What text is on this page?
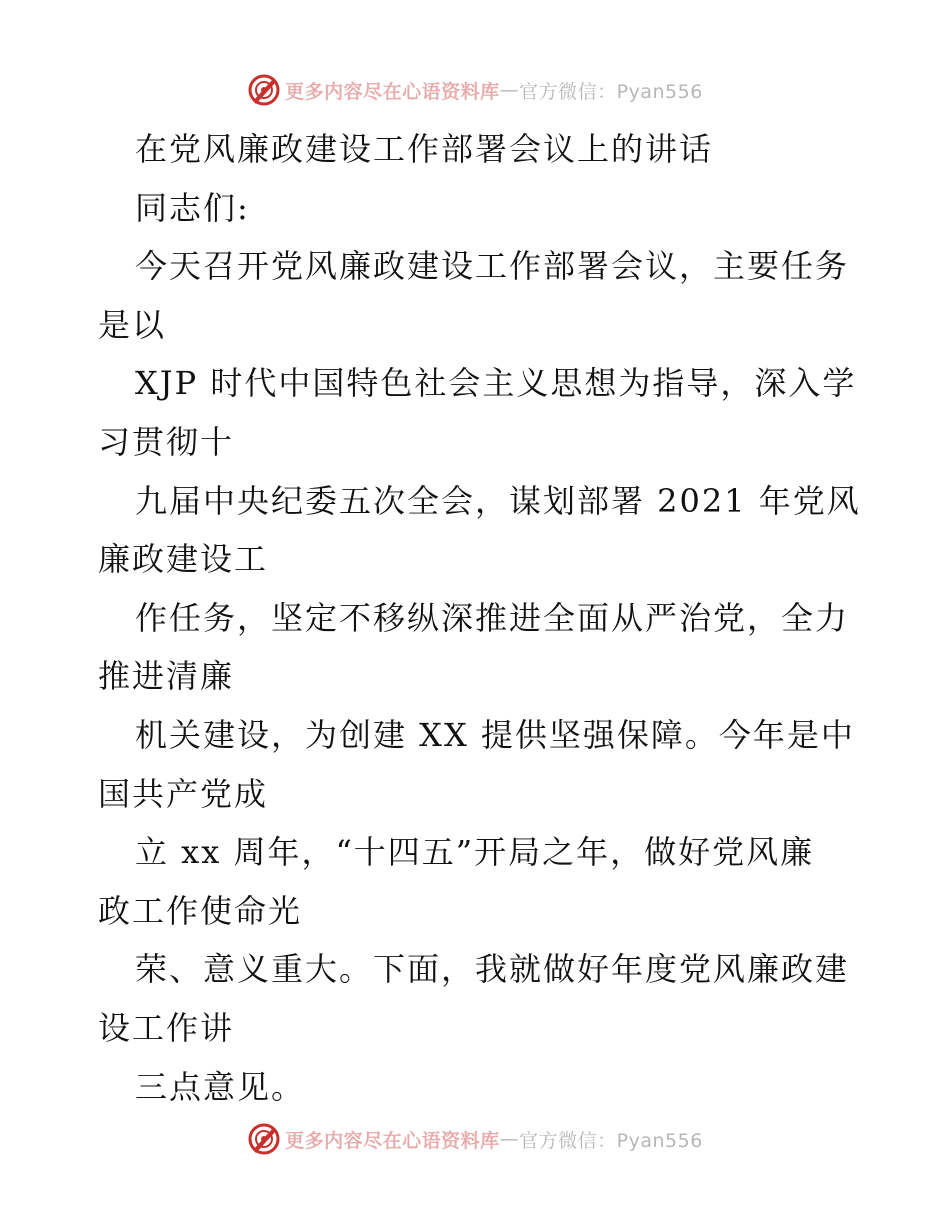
更多内容尽在心语资料库 — 官方微信：Pyan556
在党风廉政建设工作部署会议上的讲话
同志们:
今天召开党风廉政建设工作部署会议，主要任务
是以
XJP 时代中国特色社会主义思想为指导，深入学
习贯彻十
九届中央纪委五次全会，谋划部署 2021 年党风
廉政建设工
作任务，坚定不移纵深推进全面从严治党，全力
推进清廉
机关建设，为创建 XX 提供坚强保障。今年是中
国共产党成
立 xx 周年，“十四五”开局之年，做好党风廉
政工作使命光
荣、意义重大。下面，我就做好年度党风廉政建
设工作讲
三点意见。
更多内容尽在心语资料库 — 官方微信：Pyan556
